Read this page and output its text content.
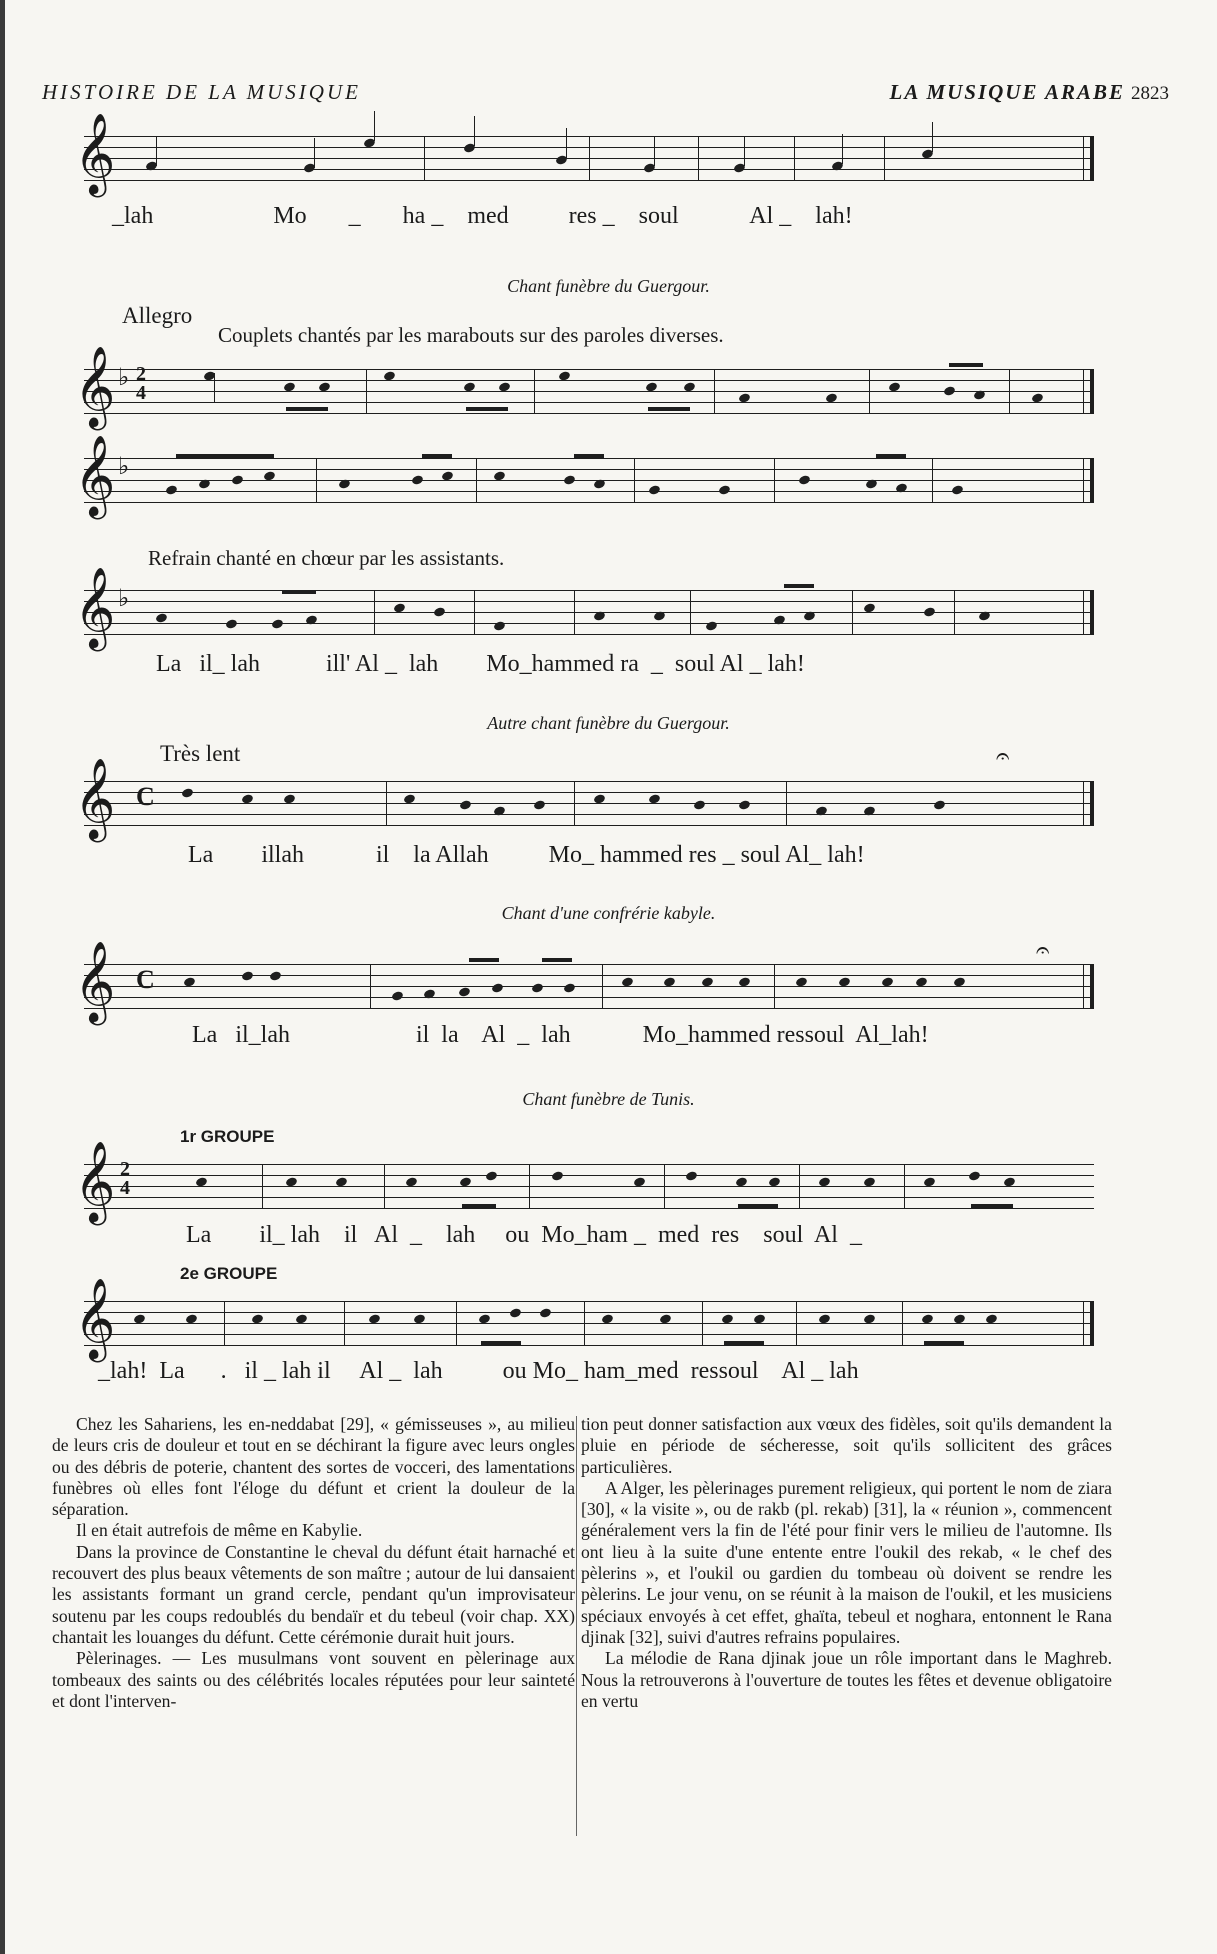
HISTOIRE DE LA MUSIQUE	LA MUSIQUE ARABE 2823
𝄞
_lah                    Mo       _       ha _    med          res _    soul            Al _    lah!
Chant funèbre du Guergour.
Allegro
Couplets chantés par les marabouts sur des paroles diverses.
𝄞 ♭ 2
4
𝄞 ♭
Refrain chanté en chœur par les assistants.
𝄞 ♭
La   il_ lah           ill' Al _  lah        Mo_hammed ra  _  soul Al _ lah!
Autre chant funèbre du Guergour.
Très lent	𝄐
𝄞 C
La        illah            il    la Allah          Mo_ hammed res _ soul Al_ lah!
Chant d'une confrérie kabyle.
𝄐
𝄞 C
La   il_lah                     il  la    Al  _  lah            Mo_hammed ressoul  Al_lah!
Chant funèbre de Tunis.
1r GROUPE
𝄞 2
4
La        il_ lah    il   Al  _    lah     ou  Mo_ham _  med  res    soul  Al  _
2e GROUPE
𝄞
_lah!  La      .   il _ lah il     Al _  lah          ou Mo_ ham_med  ressoul    Al _ lah

Chez les Sahariens, les en-neddabat [29], « gémisseuses », au milieu de leurs cris de douleur et tout en se déchirant la figure avec leurs ongles ou des débris de poterie, chantent des sortes de vocceri, des lamentations funèbres où elles font l'éloge du défunt et crient la douleur de la séparation.

Il en était autrefois de même en Kabylie.

Dans la province de Constantine le cheval du défunt était harnaché et recouvert des plus beaux vêtements de son maître ; autour de lui dansaient les assistants formant un grand cercle, pendant qu'un improvisateur soutenu par les coups redoublés du bendaïr et du tebeul (voir chap. XX) chantait les louanges du défunt. Cette cérémonie durait huit jours.

Pèlerinages. — Les musulmans vont souvent en pèlerinage aux tombeaux des saints ou des célébrités locales réputées pour leur sainteté et dont l'interven-

tion peut donner satisfaction aux vœux des fidèles, soit qu'ils demandent la pluie en période de sécheresse, soit qu'ils sollicitent des grâces particulières.

A Alger, les pèlerinages purement religieux, qui portent le nom de ziara [30], « la visite », ou de rakb (pl. rekab) [31], la « réunion », commencent généralement vers la fin de l'été pour finir vers le milieu de l'automne. Ils ont lieu à la suite d'une entente entre l'oukil des rekab, « le chef des pèlerins », et l'oukil ou gardien du tombeau où doivent se rendre les pèlerins. Le jour venu, on se réunit à la maison de l'oukil, et les musiciens spéciaux envoyés à cet effet, ghaïta, tebeul et noghara, entonnent le Rana djinak [32], suivi d'autres refrains populaires.

La mélodie de Rana djinak joue un rôle important dans le Maghreb. Nous la retrouverons à l'ouverture de toutes les fêtes et devenue obligatoire en vertu
